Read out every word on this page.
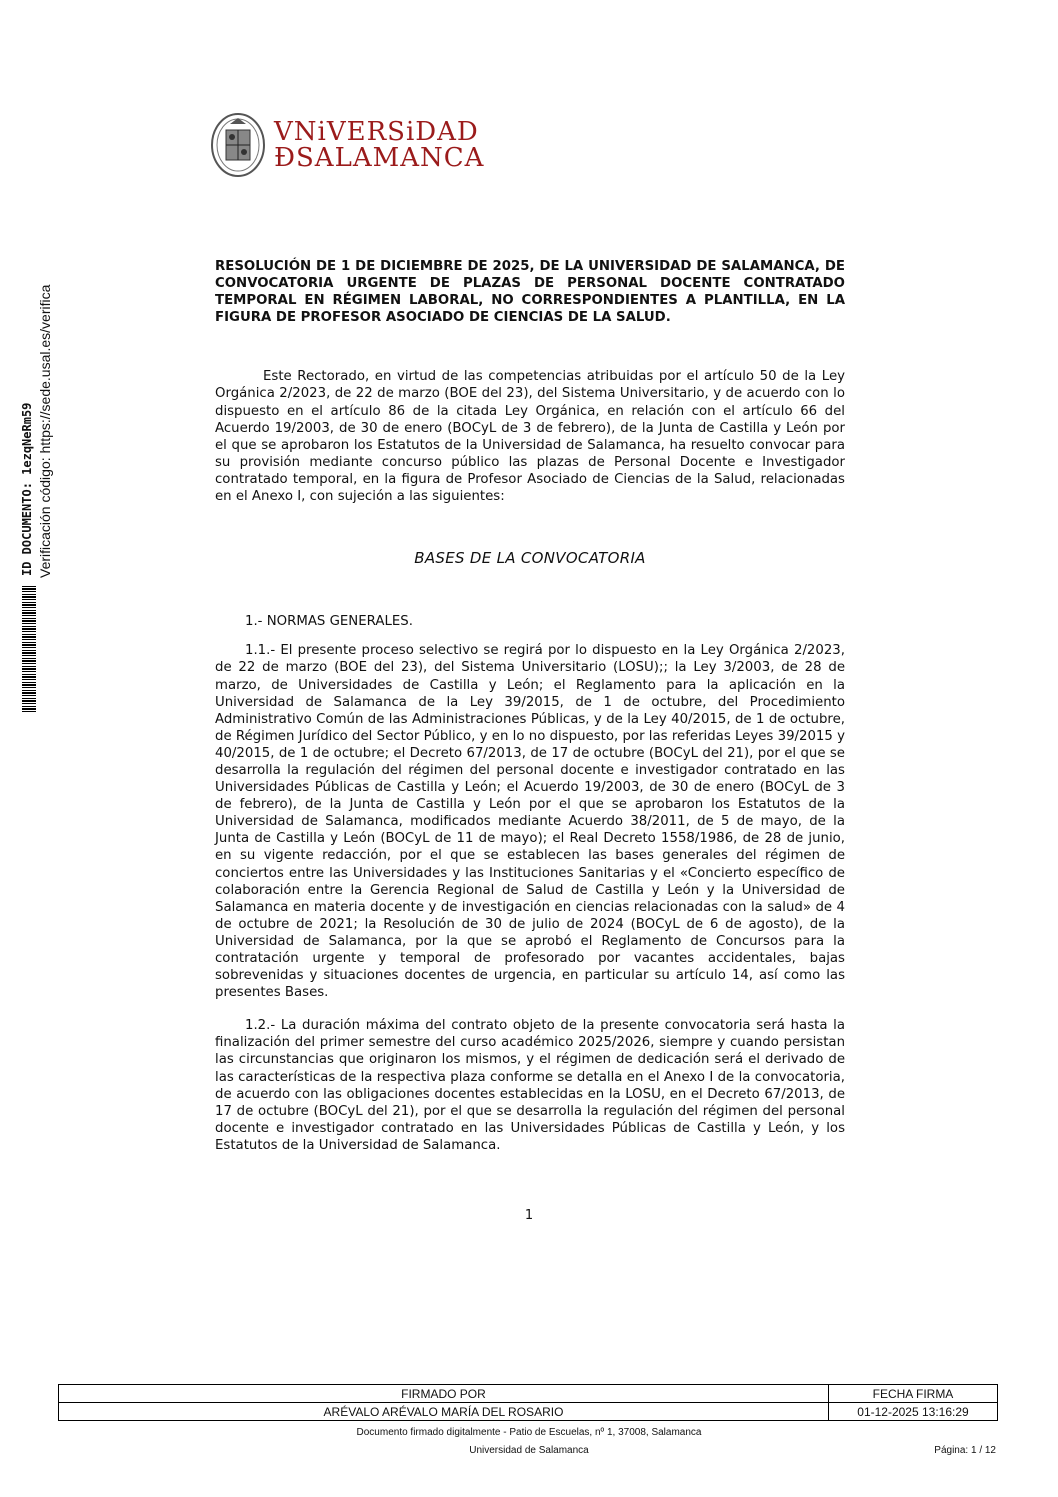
VNiVERSiDAD
ÐSALAMANCA
ID DOCUMENTO: 1ezqNeRm59 Verificación código: https://sede.usal.es/verifica

RESOLUCIÓN DE 1 DE DICIEMBRE DE 2025, DE LA UNIVERSIDAD DE SALAMANCA, DE CONVOCATORIA URGENTE DE PLAZAS DE PERSONAL DOCENTE CONTRATADO TEMPORAL EN RÉGIMEN LABORAL, NO CORRESPONDIENTES A PLANTILLA, EN LA FIGURA DE PROFESOR ASOCIADO DE CIENCIAS DE LA SALUD.

Este Rectorado, en virtud de las competencias atribuidas por el artículo 50 de la Ley Orgánica 2/2023, de 22 de marzo (BOE del 23), del Sistema Universitario, y de acuerdo con lo dispuesto en el artículo 86 de la citada Ley Orgánica, en relación con el artículo 66 del Acuerdo 19/2003, de 30 de enero (BOCyL de 3 de febrero), de la Junta de Castilla y León por el que se aprobaron los Estatutos de la Universidad de Salamanca, ha resuelto convocar para su provisión mediante concurso público las plazas de Personal Docente e Investigador contratado temporal, en la figura de Profesor Asociado de Ciencias de la Salud, relacionadas en el Anexo I, con sujeción a las siguientes:

BASES DE LA CONVOCATORIA

1.- NORMAS GENERALES.

1.1.- El presente proceso selectivo se regirá por lo dispuesto en la Ley Orgánica 2/2023, de 22 de marzo (BOE del 23), del Sistema Universitario (LOSU);; la Ley 3/2003, de 28 de marzo, de Universidades de Castilla y León; el Reglamento para la aplicación en la Universidad de Salamanca de la Ley 39/2015, de 1 de octubre, del Procedimiento Administrativo Común de las Administraciones Públicas, y de la Ley 40/2015, de 1 de octubre, de Régimen Jurídico del Sector Público, y en lo no dispuesto, por las referidas Leyes 39/2015 y 40/2015, de 1 de octubre; el Decreto 67/2013, de 17 de octubre (BOCyL del 21), por el que se desarrolla la regulación del régimen del personal docente e investigador contratado en las Universidades Públicas de Castilla y León; el Acuerdo 19/2003, de 30 de enero (BOCyL de 3 de febrero), de la Junta de Castilla y León por el que se aprobaron los Estatutos de la Universidad de Salamanca, modificados mediante Acuerdo 38/2011, de 5 de mayo, de la Junta de Castilla y León (BOCyL de 11 de mayo); el Real Decreto 1558/1986, de 28 de junio, en su vigente redacción, por el que se establecen las bases generales del régimen de conciertos entre las Universidades y las Instituciones Sanitarias y el «Concierto específico de colaboración entre la Gerencia Regional de Salud de Castilla y León y la Universidad de Salamanca en materia docente y de investigación en ciencias relacionadas con la salud» de 4 de octubre de 2021; la Resolución de 30 de julio de 2024 (BOCyL de 6 de agosto), de la Universidad de Salamanca, por la que se aprobó el Reglamento de Concursos para la contratación urgente y temporal de profesorado por vacantes accidentales, bajas sobrevenidas y situaciones docentes de urgencia, en particular su artículo 14, así como las presentes Bases.

1.2.- La duración máxima del contrato objeto de la presente convocatoria será hasta la finalización del primer semestre del curso académico 2025/2026, siempre y cuando persistan las circunstancias que originaron los mismos, y el régimen de dedicación será el derivado de las características de la respectiva plaza conforme se detalla en el Anexo I de la convocatoria, de acuerdo con las obligaciones docentes establecidas en la LOSU, en el Decreto 67/2013, de 17 de octubre (BOCyL del 21), por el que se desarrolla la regulación del régimen del personal docente e investigador contratado en las Universidades Públicas de Castilla y León, y los Estatutos de la Universidad de Salamanca.

1
FIRMADO POR	FECHA FIRMA
ARÉVALO ARÉVALO MARÍA DEL ROSARIO	01-12-2025 13:16:29
Documento firmado digitalmente - Patio de Escuelas, nº 1, 37008, Salamanca
Universidad de Salamanca	Página: 1 / 12
